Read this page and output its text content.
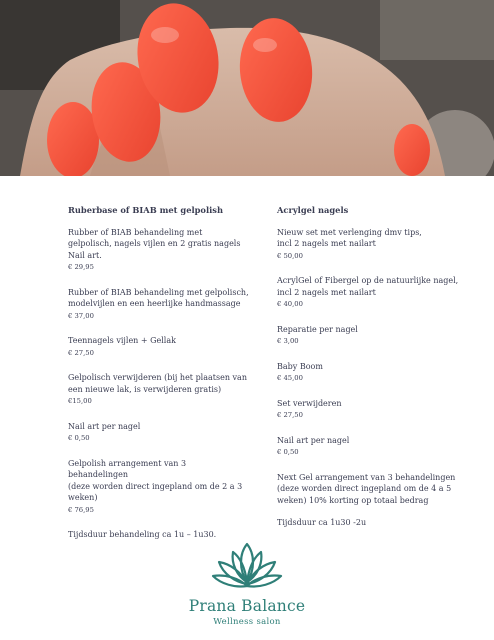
Ruberbase of BIAB met gelpolish
Rubber of BIAB behandeling met
gelpolisch, nagels vijlen en 2 gratis nagels
Nail art.
€ 29,95
Rubber of BIAB behandeling met gelpolisch,
modelvijlen en een heerlijke handmassage
€ 37,00
Teennagels vijlen + Gellak
€ 27,50
Gelpolisch verwijderen (bij het plaatsen van
een nieuwe lak, is verwijderen gratis)
€15,00
Nail art per nagel
€ 0,50
Gelpolish arrangement van 3
behandelingen
(deze worden direct ingepland om de 2 a 3
weken)
€ 76,95
Tijdsduur behandeling ca 1u – 1u30.
Acrylgel nagels
Nieuw set met verlenging dmv tips,
incl 2 nagels met nailart
€ 50,00
AcrylGel of Fibergel op de natuurlijke nagel,
incl 2 nagels met nailart
€ 40,00
Reparatie per nagel
€ 3,00
Baby Boom
€ 45,00
Set verwijderen
€ 27,50
Nail art per nagel
€ 0,50
Next Gel arrangement van 3 behandelingen
(deze worden direct ingepland om de 4 a 5
weken) 10% korting op totaal bedrag
Tijdsduur ca 1u30 -2u
Prana Balance
Wellness salon
